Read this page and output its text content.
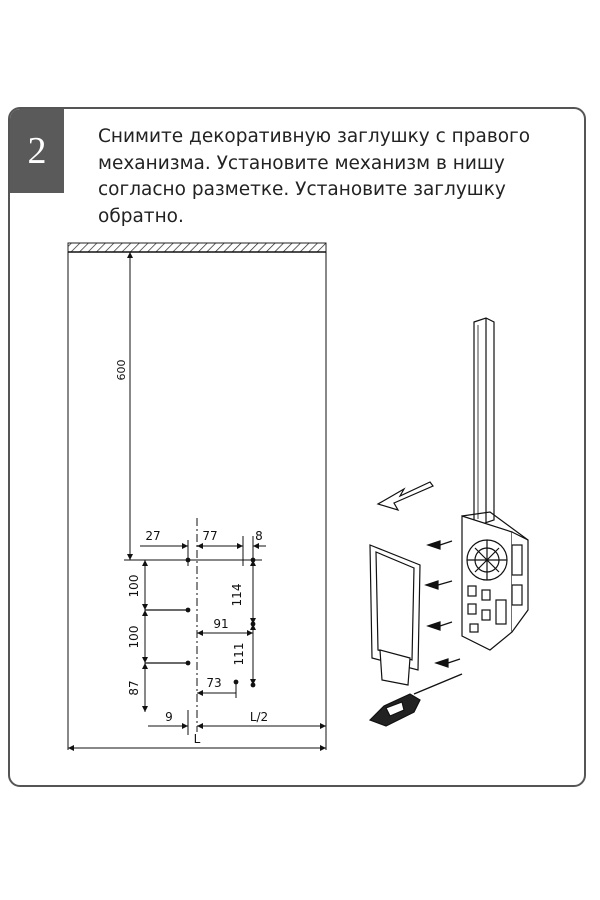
2	Снимите декоративную заглушку с правого механизма. Установите механизм в нишу согласно разметке. Установите заглушку обратно.

600
27	77	8
100
100
87
114
111
91
73
9	L/2
L
